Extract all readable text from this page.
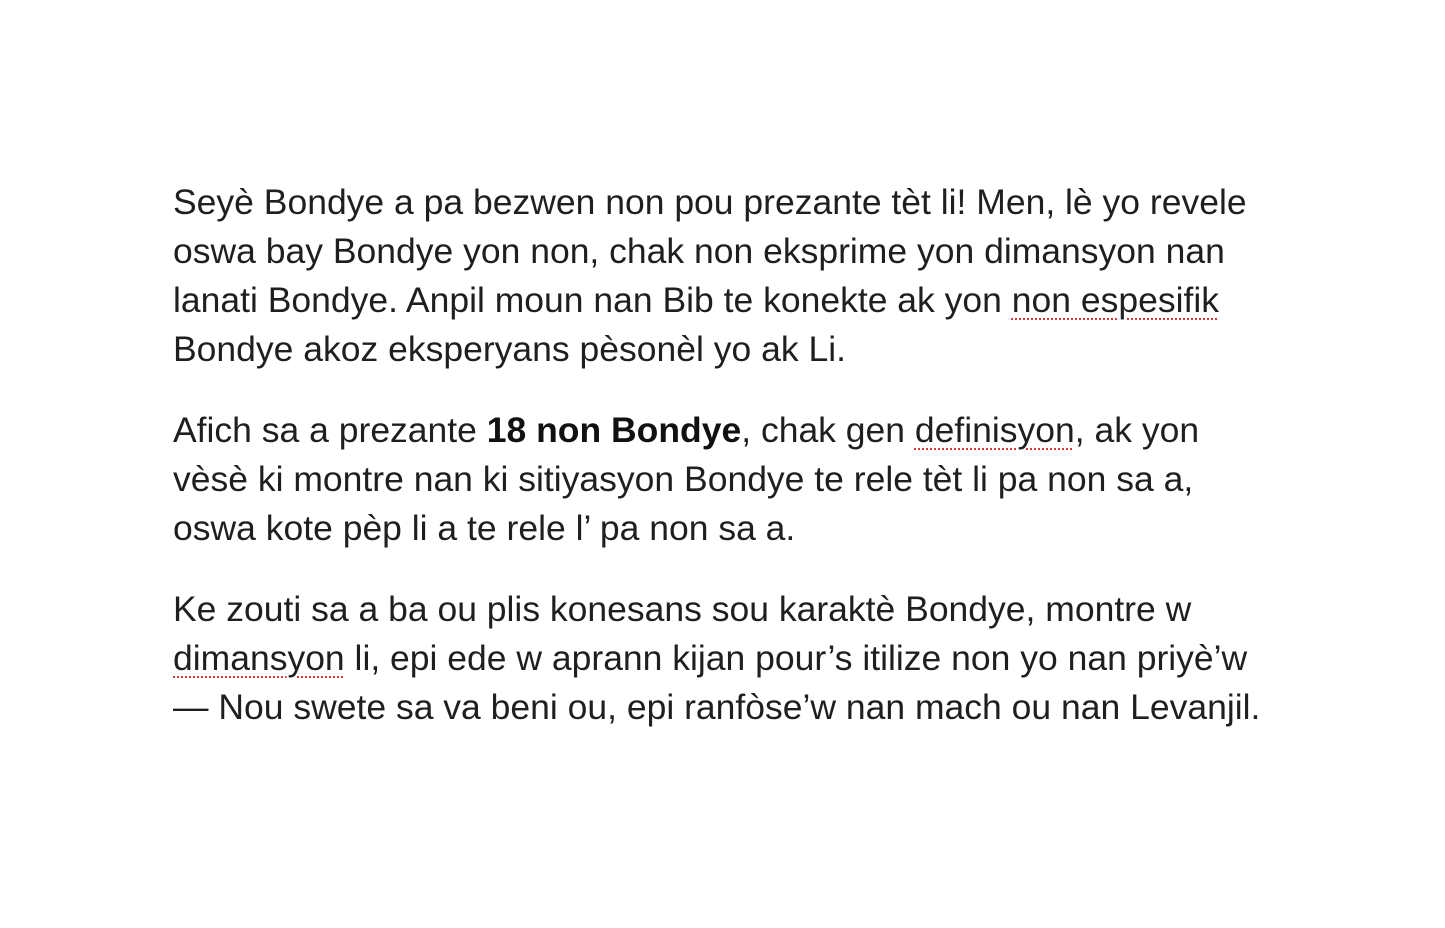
Seyè Bondye a pa bezwen non pou prezante tèt li! Men, lè yo revele oswa bay Bondye yon non, chak non eksprime yon dimansyon nan lanati Bondye. Anpil moun nan Bib te konekte ak yon non espesifik Bondye akoz eksperyans pèsonèl yo ak Li.

Afich sa a prezante 18 non Bondye, chak gen definisyon, ak yon vèsè ki montre nan ki sitiyasyon Bondye te rele tèt li pa non sa a, oswa kote pèp li a te rele l’ pa non sa a.

Ke zouti sa a ba ou plis konesans sou karaktè Bondye, montre w dimansyon li, epi ede w aprann kijan pour’s itilize non yo nan priyè’w — Nou swete sa va beni ou, epi ranfòse’w nan mach ou nan Levanjil.
